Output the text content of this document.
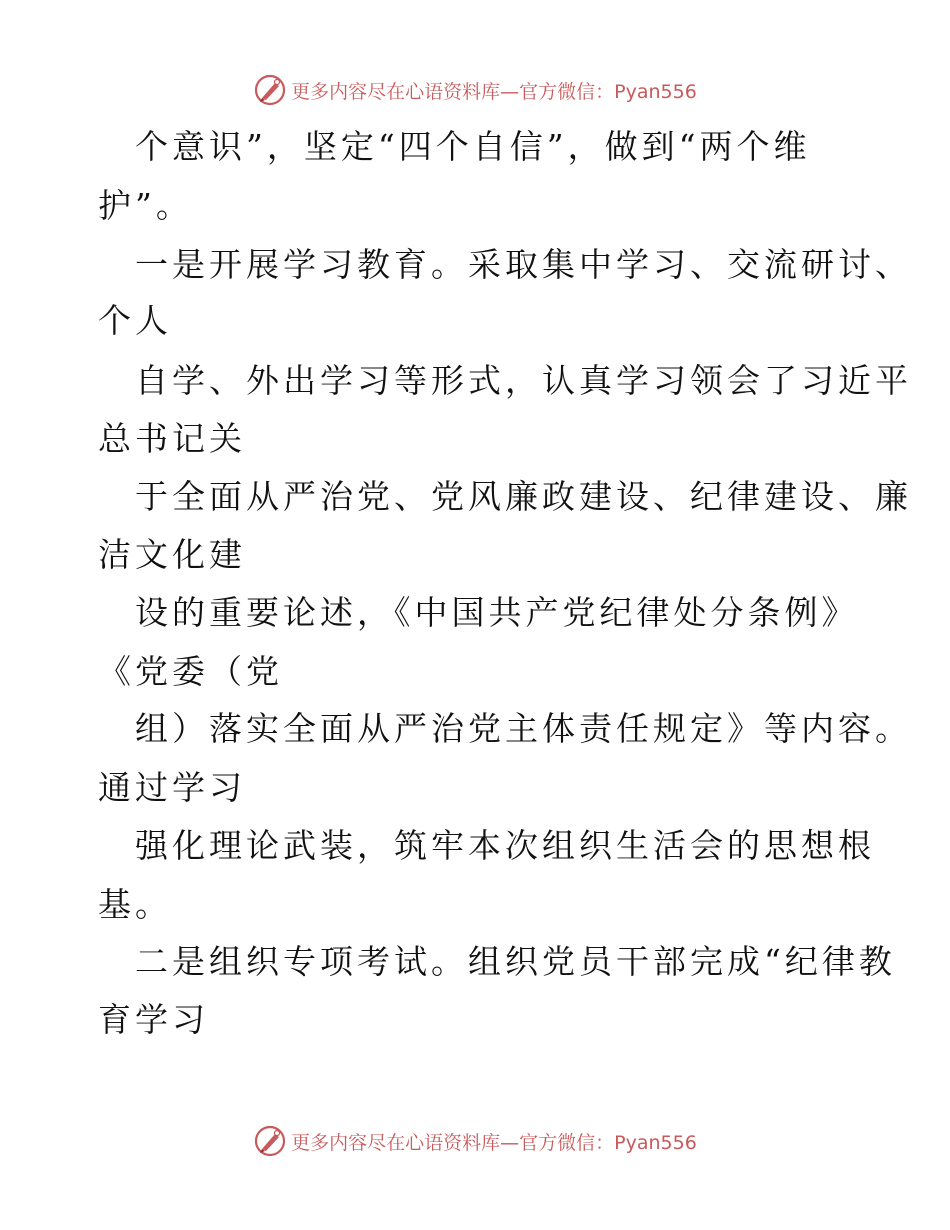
更多内容尽在心语资料库—官方微信：Pyan556
个意识”，坚定“四个自信”，做到“两个维
护”。
一是开展学习教育。采取集中学习、交流研讨、
个人
自学、外出学习等形式，认真学习领会了习近平
总书记关
于全面从严治党、党风廉政建设、纪律建设、廉
洁文化建
设的重要论述，《中国共产党纪律处分条例》
《党委（党
组）落实全面从严治党主体责任规定》等内容。
通过学习
强化理论武装，筑牢本次组织生活会的思想根
基。
二是组织专项考试。组织党员干部完成“纪律教
育学习
更多内容尽在心语资料库—官方微信：Pyan556
